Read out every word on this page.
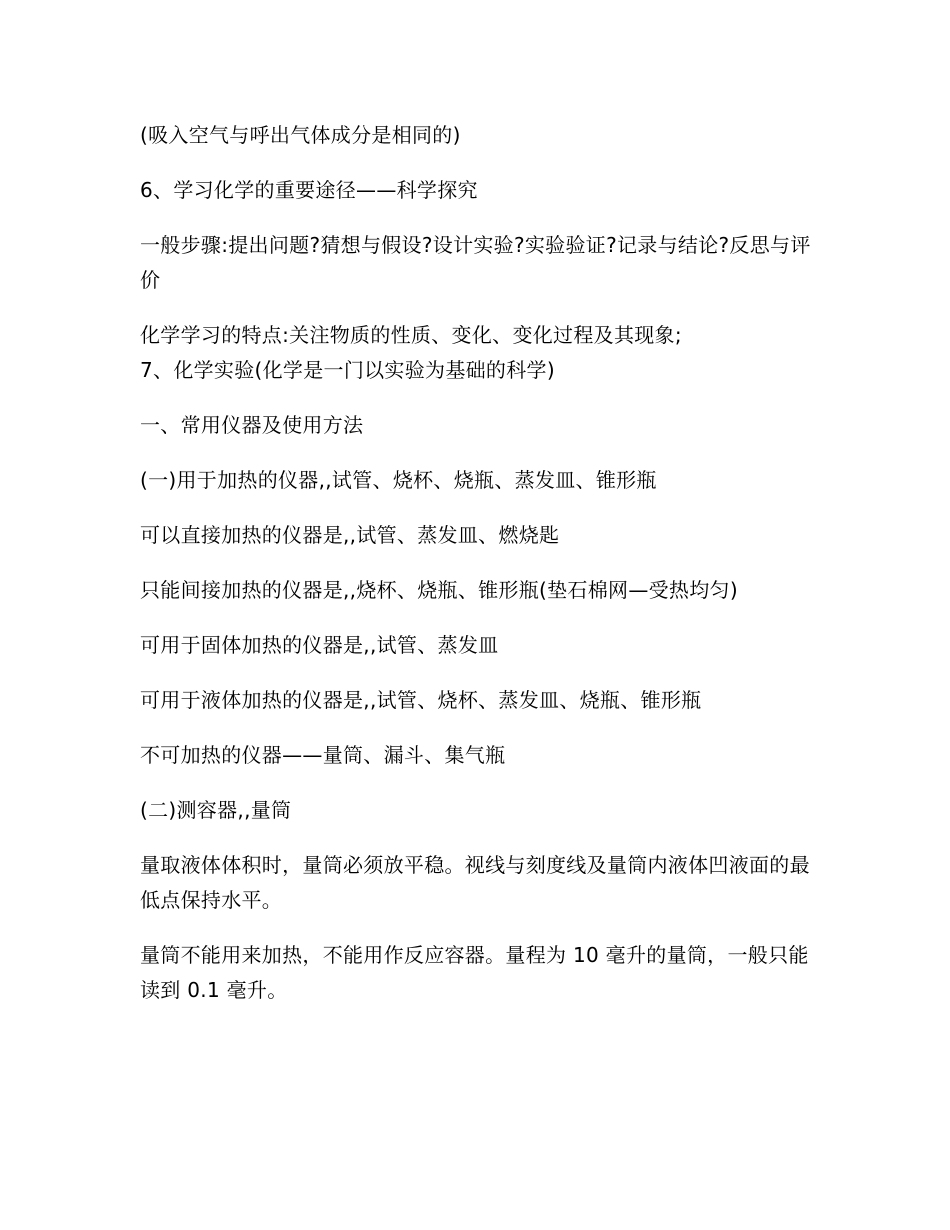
(吸入空气与呼出气体成分是相同的)

6、学习化学的重要途径——科学探究

一般步骤:提出问题?猜想与假设?设计实验?实验验证?记录与结论?反思与评价

化学学习的特点:关注物质的性质、变化、变化过程及其现象;

7、化学实验(化学是一门以实验为基础的科学)

一、常用仪器及使用方法

(一)用于加热的仪器,,试管、烧杯、烧瓶、蒸发皿、锥形瓶

可以直接加热的仪器是,,试管、蒸发皿、燃烧匙

只能间接加热的仪器是,,烧杯、烧瓶、锥形瓶(垫石棉网—受热均匀)

可用于固体加热的仪器是,,试管、蒸发皿

可用于液体加热的仪器是,,试管、烧杯、蒸发皿、烧瓶、锥形瓶

不可加热的仪器——量筒、漏斗、集气瓶

(二)测容器,,量筒

量取液体体积时，量筒必须放平稳。视线与刻度线及量筒内液体凹液面的最低点保持水平。

量筒不能用来加热，不能用作反应容器。量程为 10 毫升的量筒，一般只能读到 0.1 毫升。
